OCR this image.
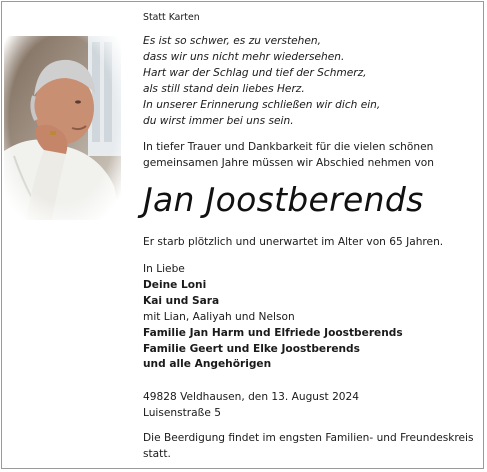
Statt Karten
Es ist so schwer, es zu verstehen,
dass wir uns nicht mehr wiedersehen.
Hart war der Schlag und tief der Schmerz,
als still stand dein liebes Herz.
In unserer Erinnerung schließen wir dich ein,
du wirst immer bei uns sein.
In tiefer Trauer und Dankbarkeit für die vielen schönen
gemeinsamen Jahre müssen wir Abschied nehmen von
Jan Joostberends
Er starb plötzlich und unerwartet im Alter von 65 Jahren.
In Liebe
Deine Loni
Kai und Sara
mit Lian, Aaliyah und Nelson
Familie Jan Harm und Elfriede Joostberends
Familie Geert und Elke Joostberends
und alle Angehörigen
49828 Veldhausen, den 13. August 2024
Luisenstraße 5
Die Beerdigung findet im engsten Familien- und Freundeskreis
statt.
